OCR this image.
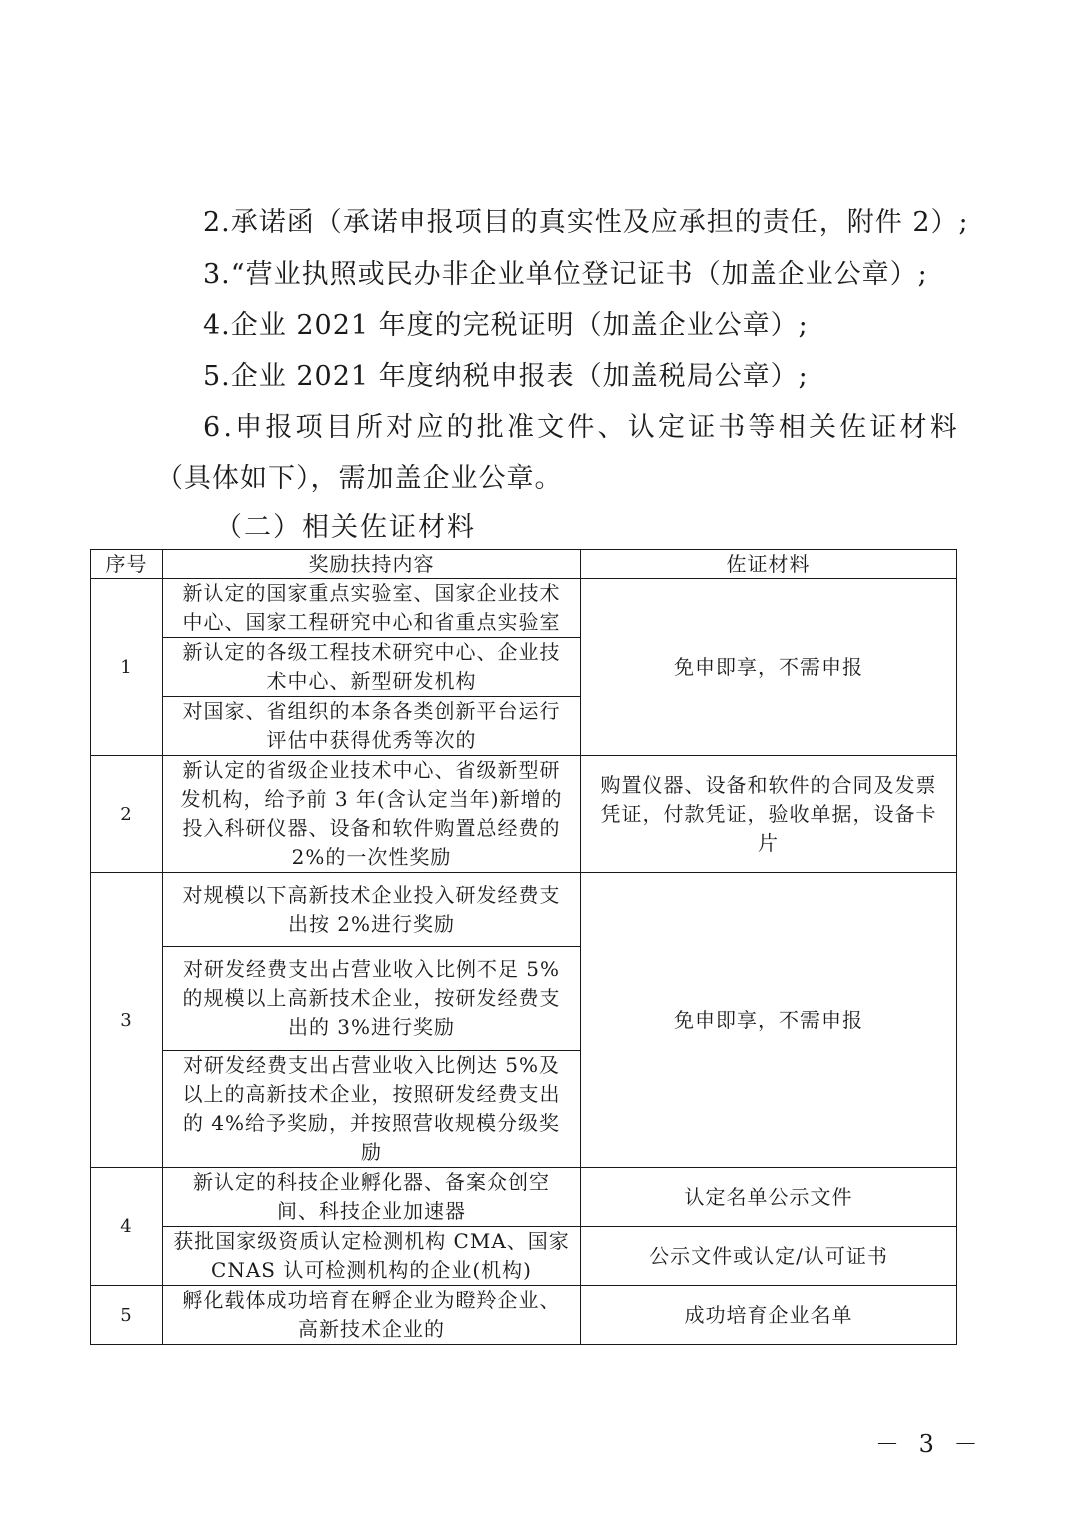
2.承诺函（承诺申报项目的真实性及应承担的责任，附件 2）;
3.“营业执照或民办非企业单位登记证书（加盖企业公章）;
4.企业 2021 年度的完税证明（加盖企业公章）;
5.企业 2021 年度纳税申报表（加盖税局公章）;
6.申报项目所对应的批准文件、认定证书等相关佐证材料
（具体如下），需加盖企业公章。
（二）相关佐证材料
序号	奖励扶持内容	佐证材料
1	新认定的国家重点实验室、国家企业技术中心、国家工程研究中心和省重点实验室	免申即享，不需申报
	新认定的各级工程技术研究中心、企业技术中心、新型研发机构	
	对国家、省组织的本条各类创新平台运行评估中获得优秀等次的	
2	新认定的省级企业技术中心、省级新型研发机构，给予前 3 年(含认定当年)新增的投入科研仪器、设备和软件购置总经费的 2%的一次性奖励	购置仪器、设备和软件的合同及发票凭证，付款凭证，验收单据，设备卡片
3	对规模以下高新技术企业投入研发经费支出按 2%进行奖励	免申即享，不需申报
	对研发经费支出占营业收入比例不足 5%的规模以上高新技术企业，按研发经费支出的 3%进行奖励	
	对研发经费支出占营业收入比例达 5%及以上的高新技术企业，按照研发经费支出的 4%给予奖励，并按照营收规模分级奖励	
4	新认定的科技企业孵化器、备案众创空间、科技企业加速器	认定名单公示文件
	获批国家级资质认定检测机构 CMA、国家 CNAS 认可检测机构的企业(机构)	公示文件或认定/认可证书
5	孵化载体成功培育在孵企业为瞪羚企业、高新技术企业的	成功培育企业名单
－ 3 －
